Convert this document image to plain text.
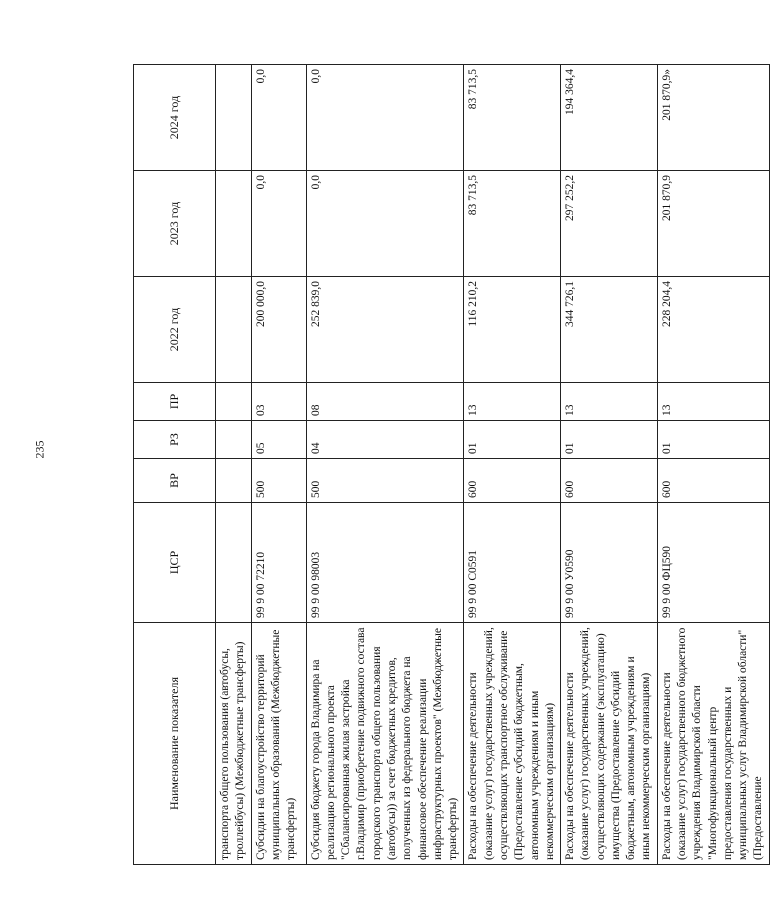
235
Наименование показателя	ЦСР	ВР	РЗ	ПР	2022 год	2023 год	2024 год
транспорта общего пользования (автобусы, троллейбусы) (Межбюджетные трансферты)							
Субсидии на благоустройство территорий муниципальных образований (Межбюджетные трансферты)	99 9 00 72210	500	05	03	200 000,0	0,0	0,0
Субсидия бюджету города Владимира на реализацию регионального проекта "Сбалансированная жилая застройка г.Владимир (приобретение подвижного состава городского транспорта общего пользования (автобусы)) за счет бюджетных кредитов, полученных из федерального бюджета на финансовое обеспечение реализации инфраструктурных проектов" (Межбюджетные трансферты)	99 9 00 98003	500	04	08	252 839,0	0,0	0,0
Расходы на обеспечение деятельности (оказание услуг) государственных учреждений, осуществляющих транспортное обслуживание (Предоставление субсидий бюджетным, автономным учреждениям и иным некоммерческим организациям)	99 9 00 С0591	600	01	13	116 210,2	83 713,5	83 713,5
Расходы на обеспечение деятельности (оказание услуг) государственных учреждений, осуществляющих содержание (эксплуатацию) имущества (Предоставление субсидий бюджетным, автономным учреждениям и иным некоммерческим организациям)	99 9 00 У0590	600	01	13	344 726,1	297 252,2	194 364,4
Расходы на обеспечение деятельности (оказание услуг) государственного бюджетного учреждения Владимирской области "Многофункциональный центр предоставления государственных и муниципальных услуг Владимирской области" (Предоставление	99 9 00 ФЦ590	600	01	13	228 204,4	201 870,9	201 870,9»
